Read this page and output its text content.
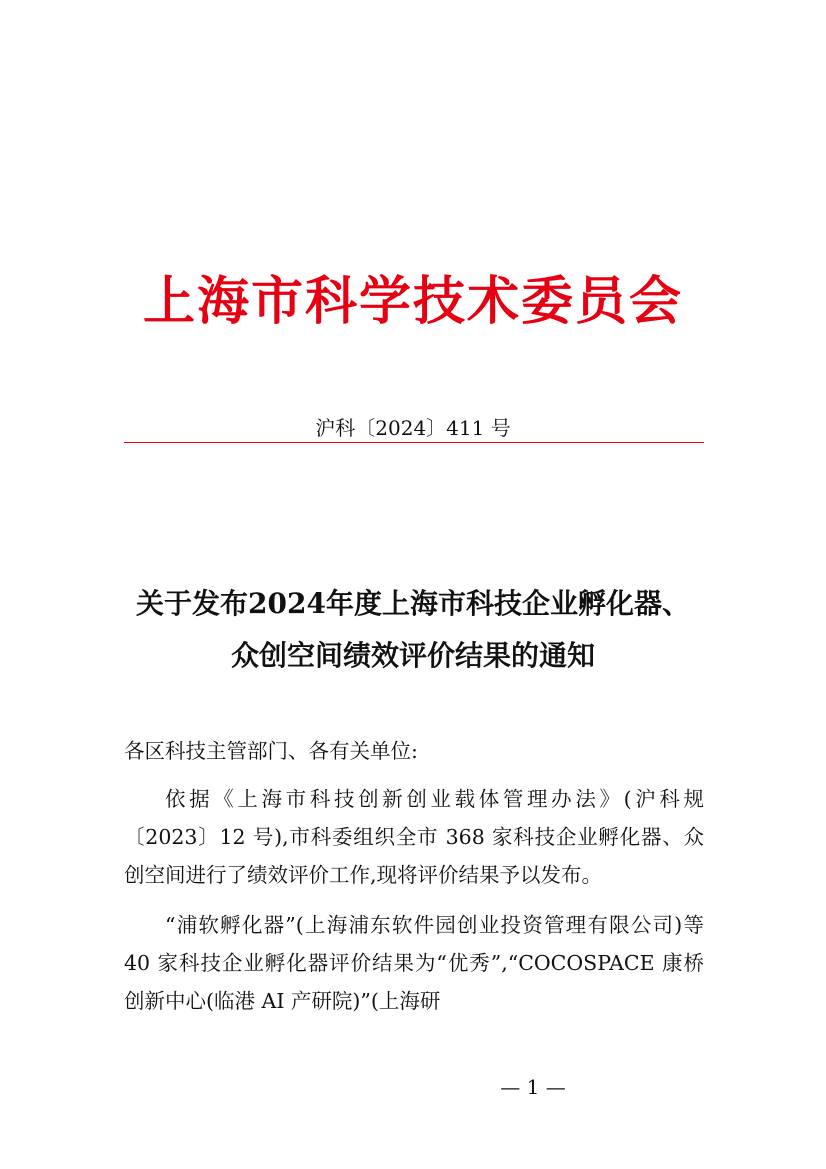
上海市科学技术委员会
沪科〔2024〕411 号
关于发布2024年度上海市科技企业孵化器、
众创空间绩效评价结果的通知
各区科技主管部门、各有关单位:
依据《上海市科技创新创业载体管理办法》(沪科规〔2023〕12 号),市科委组织全市 368 家科技企业孵化器、众创空间进行了绩效评价工作,现将评价结果予以发布。
“浦软孵化器”(上海浦东软件园创业投资管理有限公司)等 40 家科技企业孵化器评价结果为“优秀”,“COCOSPACE 康桥创新中心(临港 AI 产研院)”(上海研
— 1 —
